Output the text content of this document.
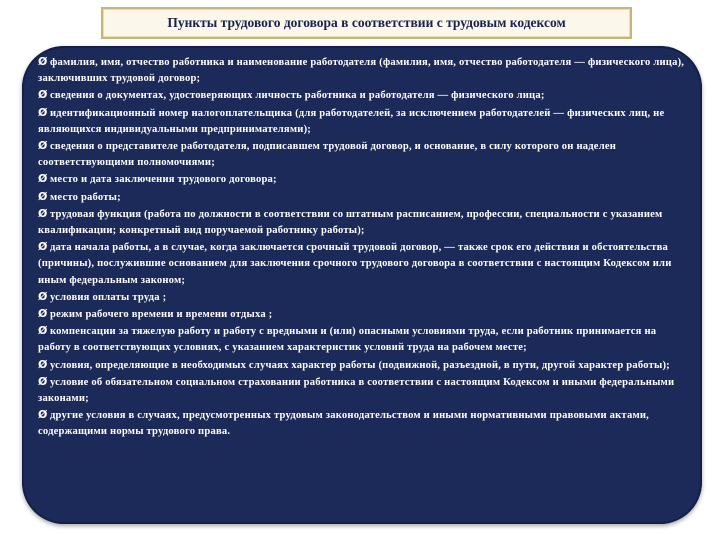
Пункты трудового договора в соответствии с трудовым кодексом
Ø фамилия, имя, отчество работника и наименование работодателя (фамилия, имя, отчество работодателя — физического лица), заключивших трудовой договор;
Ø сведения о документах, удостоверяющих личность работника и работодателя — физического лица;
Ø идентификационный номер налогоплательщика (для работодателей, за исключением работодателей — физических лиц, не являющихся индивидуальными предпринимателями);
Ø сведения о представителе работодателя, подписавшем трудовой договор, и основание, в силу которого он наделен соответствующими полномочиями;
Ø место и дата заключения трудового договора;
Ø место работы;
Ø трудовая функция (работа по должности в соответствии со штатным расписанием, профессии, специальности с указанием квалификации; конкретный вид поручаемой работнику работы);
Ø дата начала работы, а в случае, когда заключается срочный трудовой договор, — также срок его действия и обстоятельства (причины), послужившие основанием для заключения срочного трудового договора в соответствии с настоящим Кодексом или иным федеральным законом;
Ø условия оплаты труда ;
Ø режим рабочего времени и времени отдыха ;
Ø компенсации за тяжелую работу и работу с вредными и (или) опасными условиями труда, если работник принимается на работу в соответствующих условиях, с указанием характеристик условий труда на рабочем месте;
Ø условия, определяющие в необходимых случаях характер работы (подвижной, разъездной, в пути, другой характер работы);
Ø условие об обязательном социальном страховании работника в соответствии с настоящим Кодексом и иными федеральными законами;
Ø другие условия в случаях, предусмотренных трудовым законодательством и иными нормативными правовыми актами, содержащими нормы трудового права.
